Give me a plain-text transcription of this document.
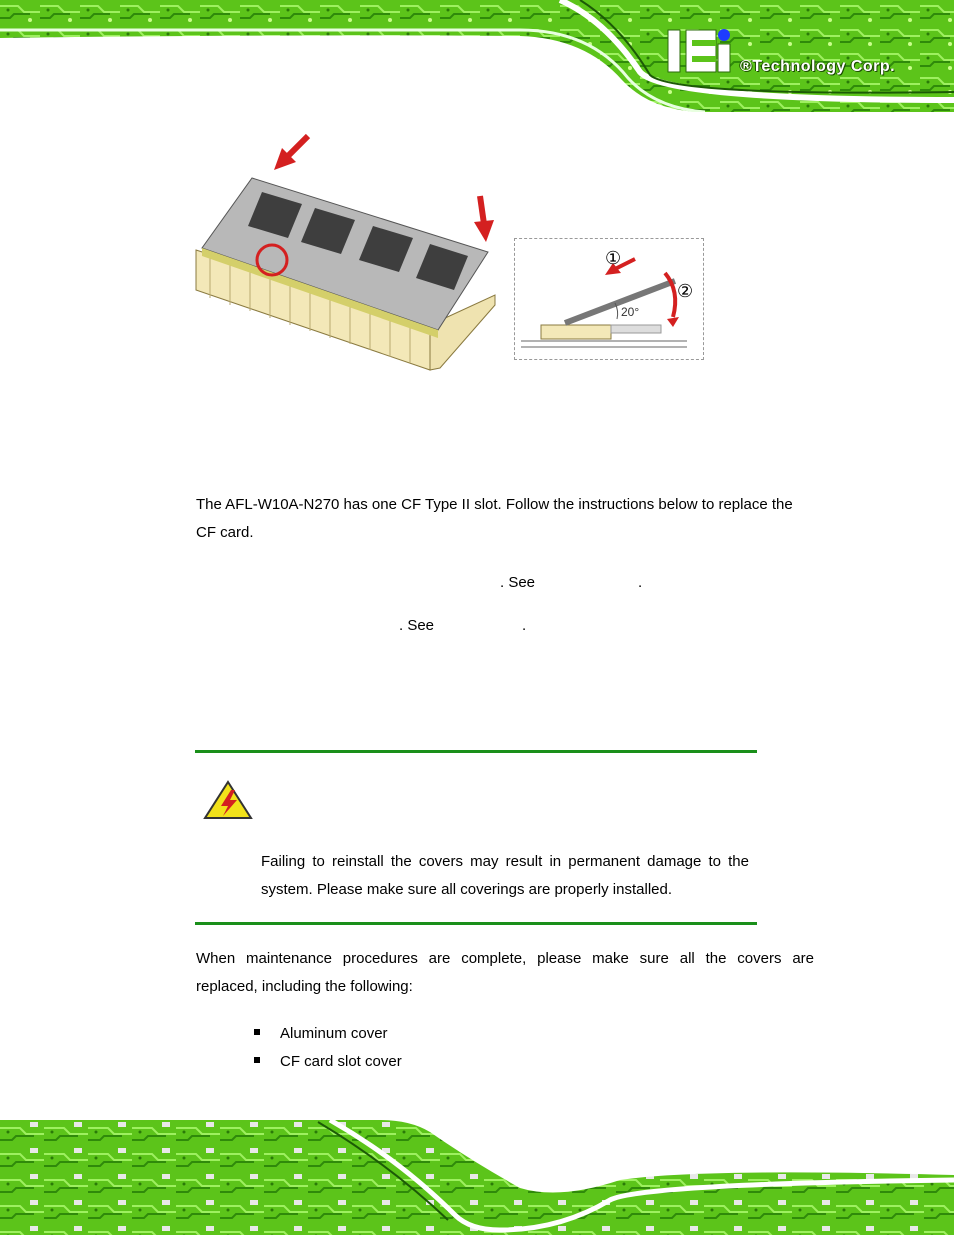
®Technology Corp.
①
②
20°
The AFL-W10A-N270 has one CF Type II slot. Follow the instructions below to replace the
CF card.
. See	.
. See	.
Failing to reinstall the covers may result in permanent damage to the
system. Please make sure all coverings are properly installed.
When maintenance procedures are complete, please make sure all the covers are
replaced, including the following:
Aluminum cover
CF card slot cover
